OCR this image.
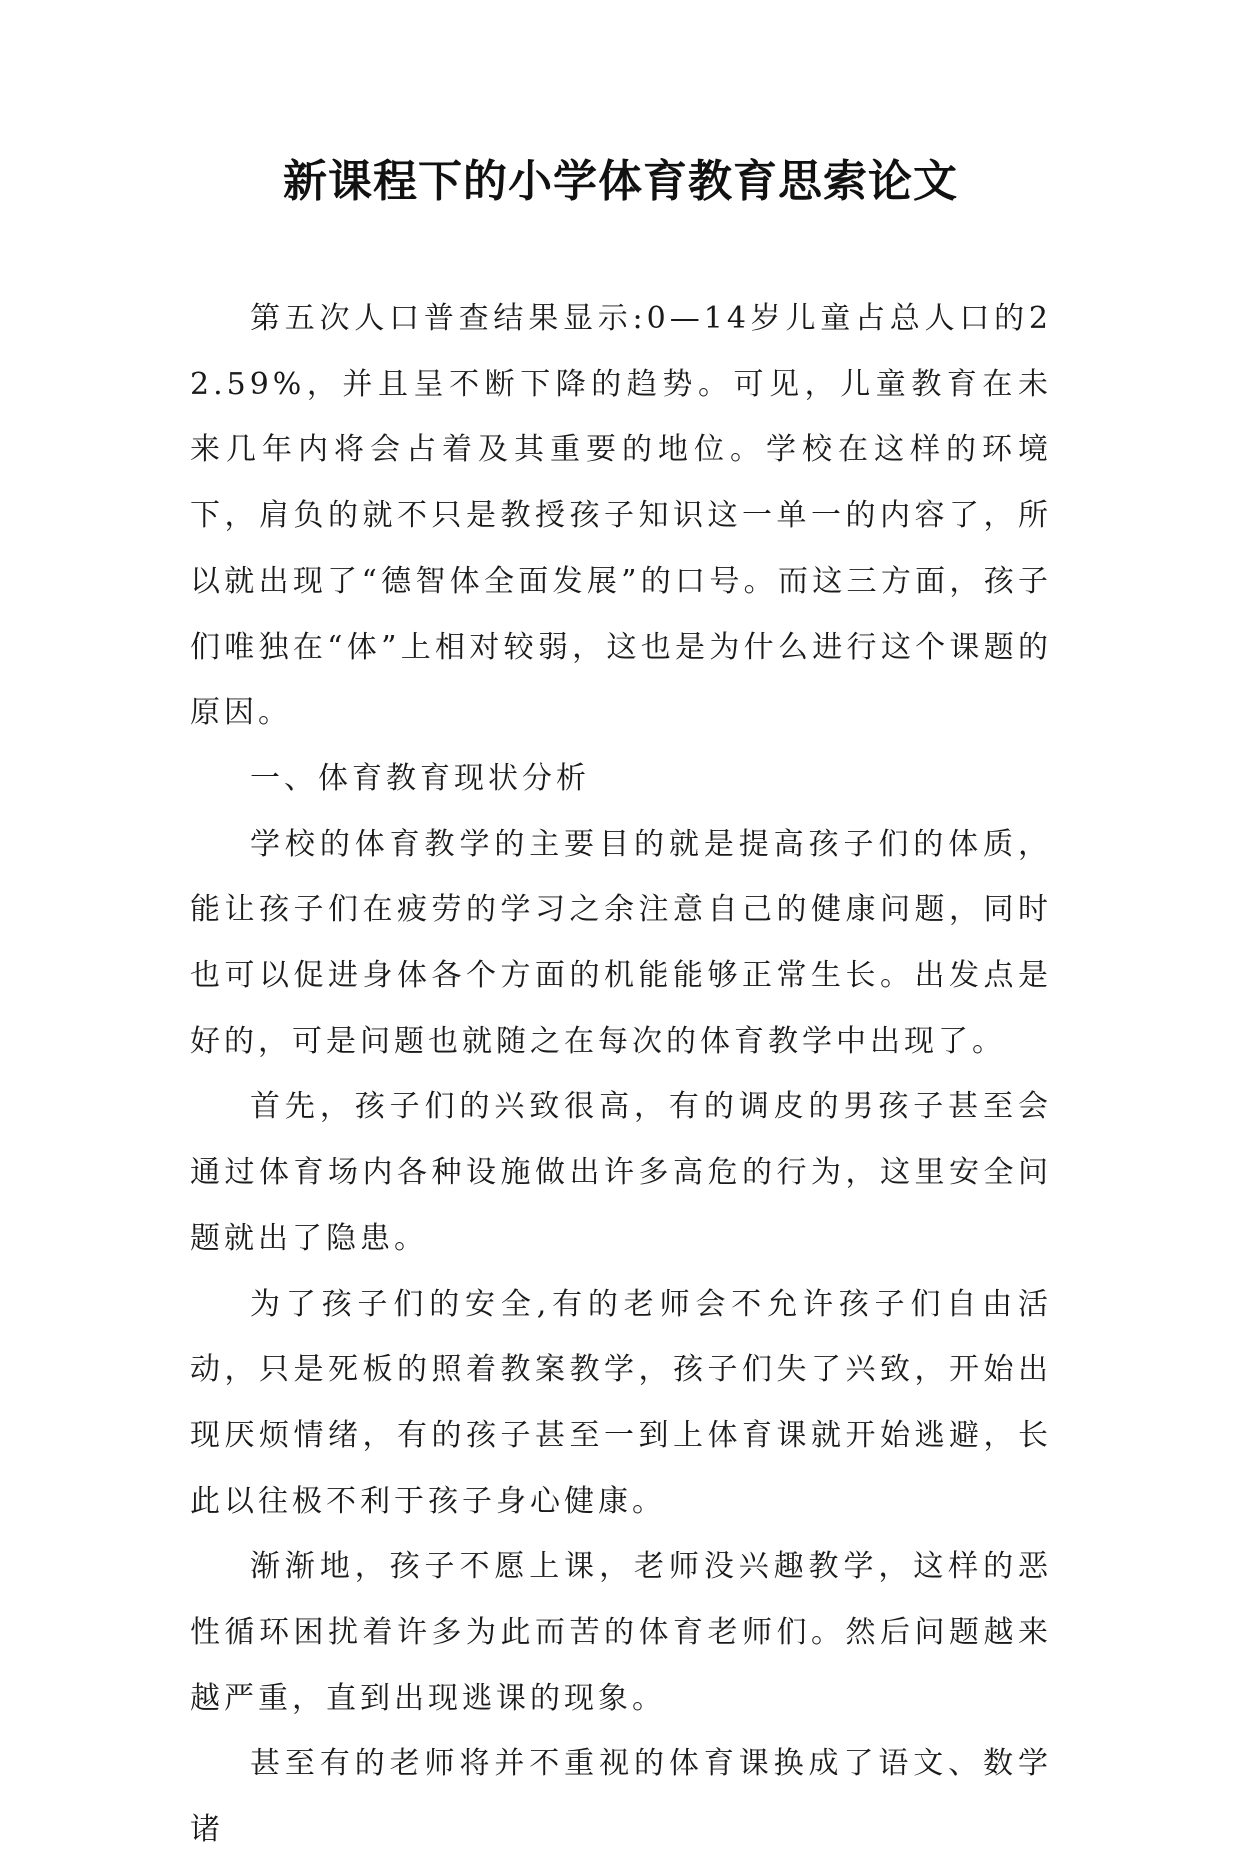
新课程下的小学体育教育思索论文

第五次人口普查结果显示:0—14岁儿童占总人口的22.59%，并且呈不断下降的趋势。可见，儿童教育在未来几年内将会占着及其重要的地位。学校在这样的环境下，肩负的就不只是教授孩子知识这一单一的内容了，所以就出现了“德智体全面发展”的口号。而这三方面，孩子们唯独在“体”上相对较弱，这也是为什么进行这个课题的原因。

一、体育教育现状分析

学校的体育教学的主要目的就是提高孩子们的体质，能让孩子们在疲劳的学习之余注意自己的健康问题，同时也可以促进身体各个方面的机能能够正常生长。出发点是好的，可是问题也就随之在每次的体育教学中出现了。

首先，孩子们的兴致很高，有的调皮的男孩子甚至会通过体育场内各种设施做出许多高危的行为，这里安全问题就出了隐患。

为了孩子们的安全,有的老师会不允许孩子们自由活动，只是死板的照着教案教学，孩子们失了兴致，开始出现厌烦情绪，有的孩子甚至一到上体育课就开始逃避，长此以往极不利于孩子身心健康。

渐渐地，孩子不愿上课，老师没兴趣教学，这样的恶性循环困扰着许多为此而苦的体育老师们。然后问题越来越严重，直到出现逃课的现象。

甚至有的老师将并不重视的体育课换成了语文、数学诸
